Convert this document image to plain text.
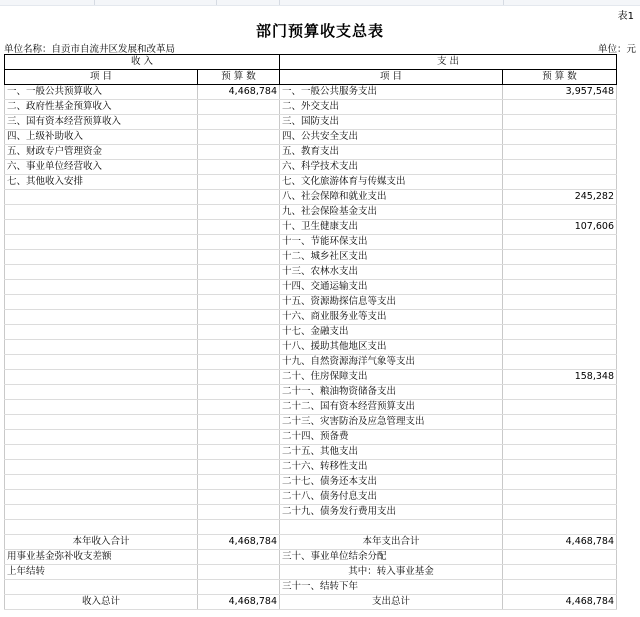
表1
部门预算收支总表
单位名称：自贡市自流井区发展和改革局	单位：元
收 入		支 出	
项 目	预 算 数	项 目	预 算 数
一、一般公共预算收入	4,468,784	一、一般公共服务支出	3,957,548
二、政府性基金预算收入		二、外交支出	
三、国有资本经营预算收入		三、国防支出	
四、上级补助收入		四、公共安全支出	
五、财政专户管理资金		五、教育支出	
六、事业单位经营收入		六、科学技术支出	
七、其他收入安排		七、文化旅游体育与传媒支出	
		八、社会保障和就业支出	245,282
		九、社会保险基金支出	
		十、卫生健康支出	107,606
		十一、节能环保支出	
		十二、城乡社区支出	
		十三、农林水支出	
		十四、交通运输支出	
		十五、资源勘探信息等支出	
		十六、商业服务业等支出	
		十七、金融支出	
		十八、援助其他地区支出	
		十九、自然资源海洋气象等支出	
		二十、住房保障支出	158,348
		二十一、粮油物资储备支出	
		二十二、国有资本经营预算支出	
		二十三、灾害防治及应急管理支出	
		二十四、预备费	
		二十五、其他支出	
		二十六、转移性支出	
		二十七、债务还本支出	
		二十八、债务付息支出	
		二十九、债务发行费用支出	

本年收入合计	4,468,784	本年支出合计	4,468,784
用事业基金弥补收支差额		三十、事业单位结余分配	
上年结转		其中：转入事业基金	
		三十一、结转下年	
收入总计	4,468,784	支出总计	4,468,784
